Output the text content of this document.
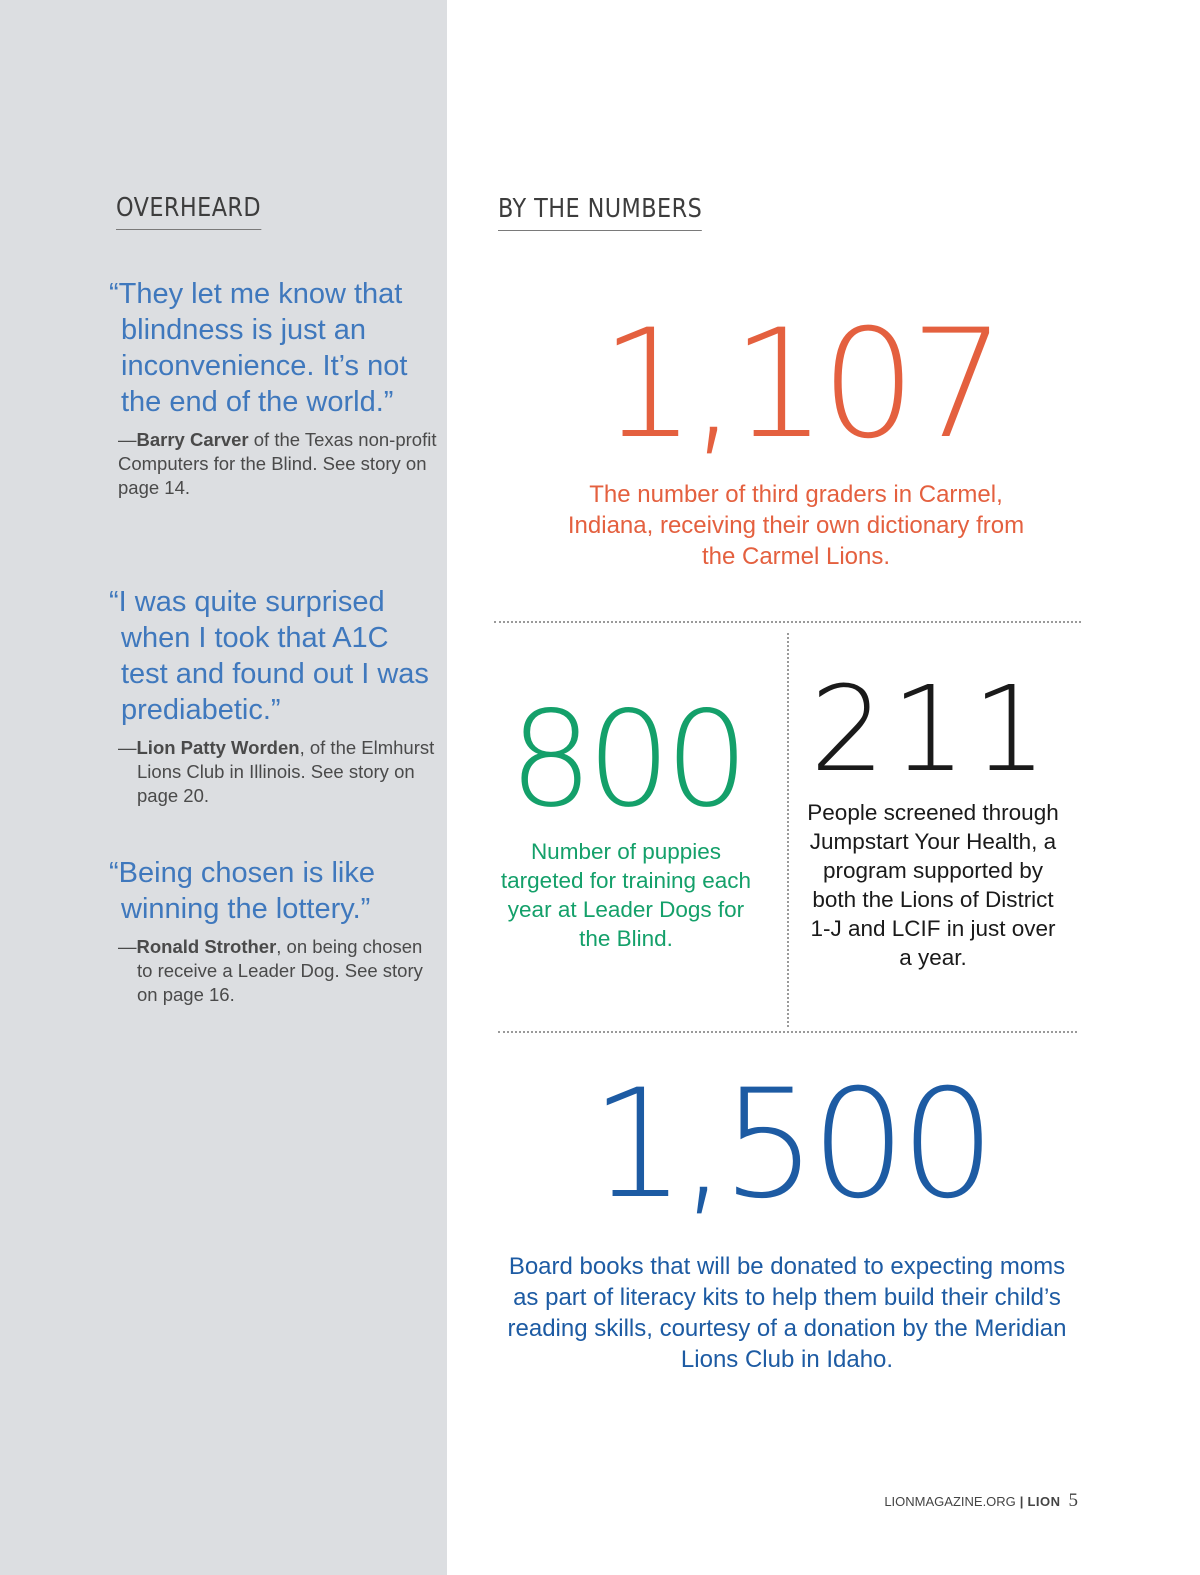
OVERHEARD

“They let me know that blindness is just an inconvenience. It’s not the end of the world.”

—Barry Carver of the Texas non-profit Computers for the Blind. See story on page 14.

“I was quite surprised when I took that A1C test and found out I was prediabetic.”

—Lion Patty Worden, of the Elmhurst Lions Club in Illinois. See story on page 20.

“Being chosen is like winning the lottery.”

—Ronald Strother, on being chosen to receive a Leader Dog. See story on page 16.

BY THE NUMBERS

1,107

The number of third graders in Carmel, Indiana, receiving their own dictionary from the Carmel Lions.

800

Number of puppies targeted for training each year at Leader Dogs for the Blind.

211

People screened through Jumpstart Your Health, a program supported by both the Lions of District 1-J and LCIF in just over a year.

1,500

Board books that will be donated to expecting moms as part of literacy kits to help them build their child’s reading skills, courtesy of a donation by the Meridian Lions Club in Idaho.

LIONMAGAZINE.ORG | LION 5
